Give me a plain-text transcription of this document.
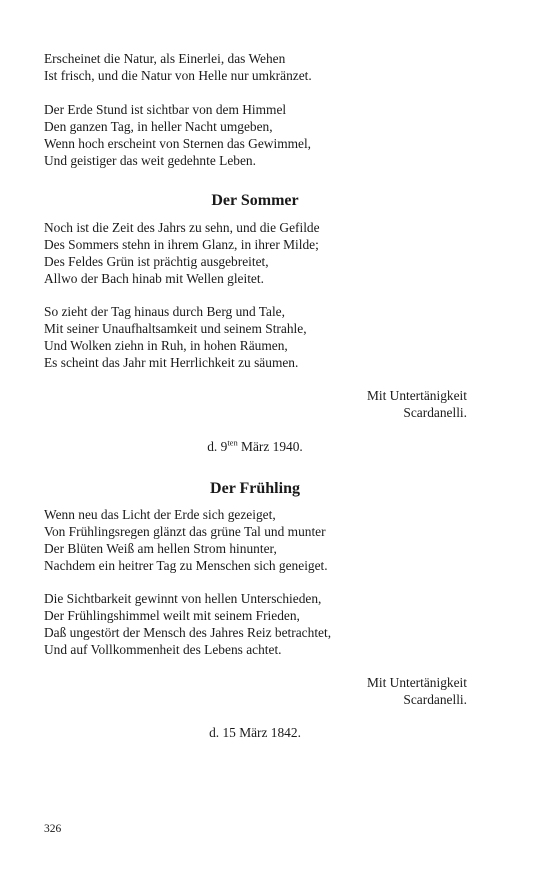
Erscheinet die Natur, als Einerlei, das Wehen
Ist frisch, und die Natur von Helle nur umkränzet.
Der Erde Stund ist sichtbar von dem Himmel
Den ganzen Tag, in heller Nacht umgeben,
Wenn hoch erscheint von Sternen das Gewimmel,
Und geistiger das weit gedehnte Leben.
Der Sommer
Noch ist die Zeit des Jahrs zu sehn, und die Gefilde
Des Sommers stehn in ihrem Glanz, in ihrer Milde;
Des Feldes Grün ist prächtig ausgebreitet,
Allwo der Bach hinab mit Wellen gleitet.
So zieht der Tag hinaus durch Berg und Tale,
Mit seiner Unaufhaltsamkeit und seinem Strahle,
Und Wolken ziehn in Ruh, in hohen Räumen,
Es scheint das Jahr mit Herrlichkeit zu säumen.
Mit Untertänigkeit
Scardanelli.
d. $9^{ten}$ März 1940.
Der Frühling
Wenn neu das Licht der Erde sich gezeiget,
Von Frühlingsregen glänzt das grüne Tal und munter
Der Blüten Weiß am hellen Strom hinunter,
Nachdem ein heitrer Tag zu Menschen sich geneiget.
Die Sichtbarkeit gewinnt von hellen Unterschieden,
Der Frühlingshimmel weilt mit seinem Frieden,
Daß ungestört der Mensch des Jahres Reiz betrachtet,
Und auf Vollkommenheit des Lebens achtet.
Mit Untertänigkeit
Scardanelli.
d. 15 März 1842.
326
